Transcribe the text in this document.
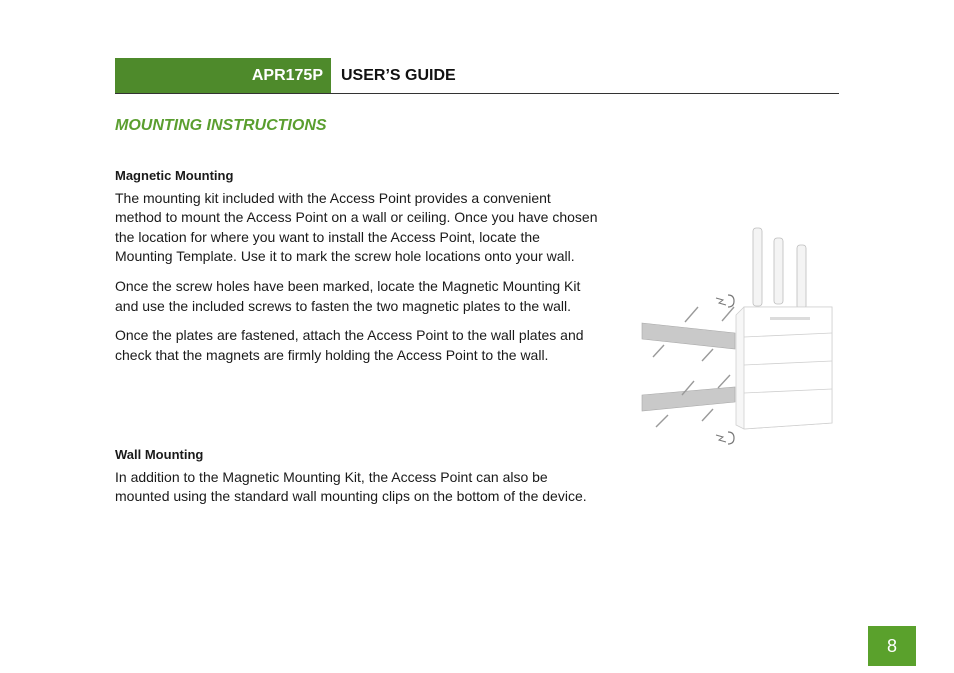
APR175P	USER’S GUIDE
MOUNTING INSTRUCTIONS

Magnetic Mounting

The mounting kit included with the Access Point provides a convenient method to mount the Access Point on a wall or ceiling. Once you have chosen the location for where you want to install the Access Point, locate the Mounting Template. Use it to mark the screw hole locations onto your wall.

Once the screw holes have been marked, locate the Magnetic Mounting Kit and use the included screws to fasten the two magnetic plates to the wall.

Once the plates are fastened, attach the Access Point to the wall plates and check that the magnets are firmly holding the Access Point to the wall.

Wall Mounting

In addition to the Magnetic Mounting Kit, the Access Point can also be mounted using the standard wall mounting clips on the bottom of the device.

8
